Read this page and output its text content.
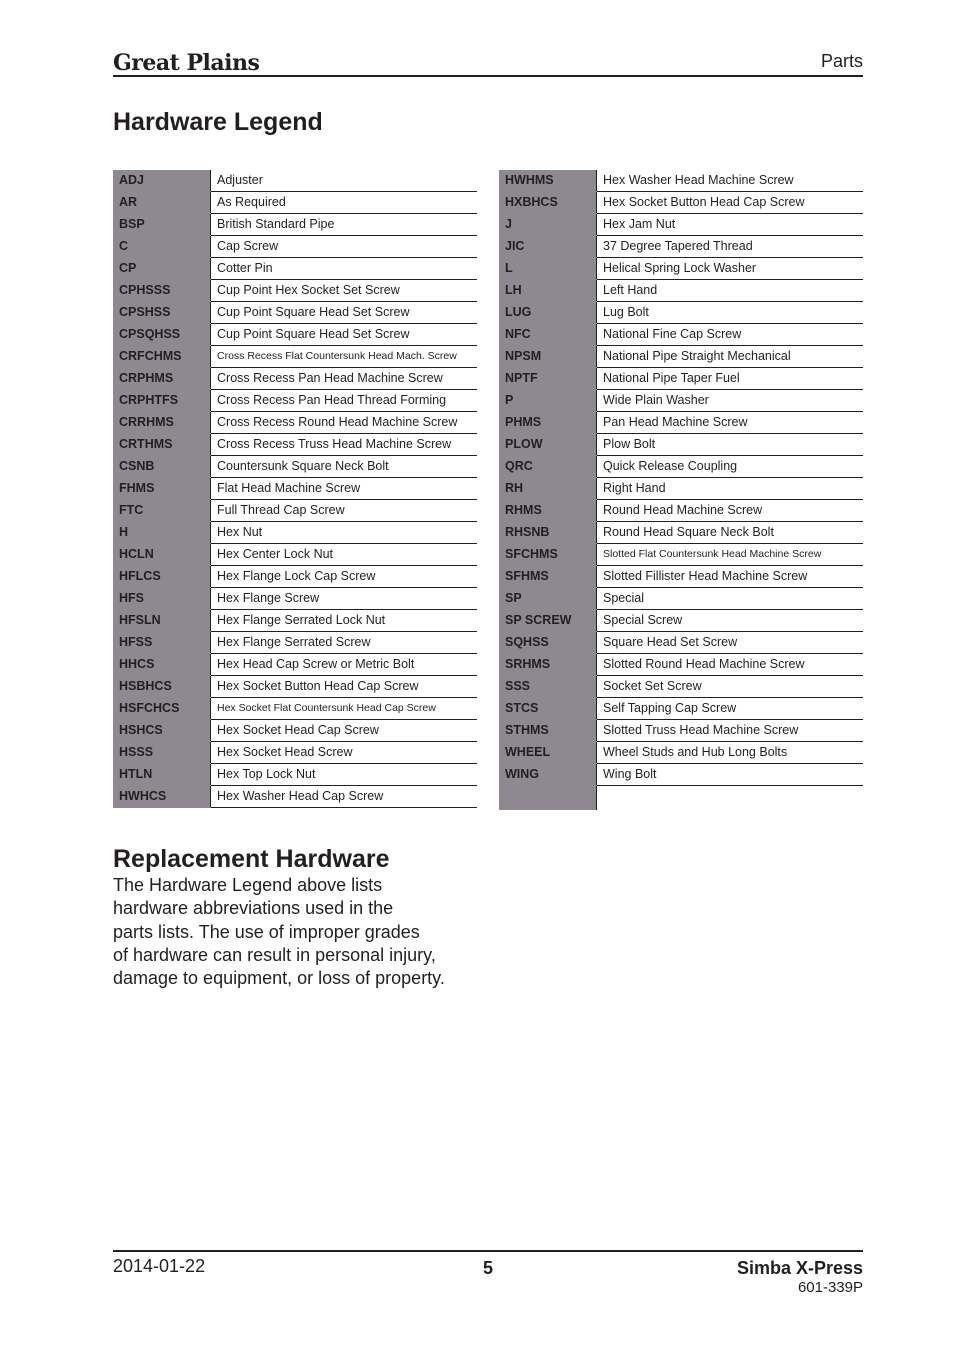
Great Plains	Parts
Hardware Legend
ADJ	Adjuster
AR	As Required
BSP	British Standard Pipe
C	Cap Screw
CP	Cotter Pin
CPHSSS	Cup Point Hex Socket Set Screw
CPSHSS	Cup Point Square Head Set Screw
CPSQHSS	Cup Point Square Head Set Screw
CRFCHMS	Cross Recess Flat Countersunk Head Mach. Screw
CRPHMS	Cross Recess Pan Head Machine Screw
CRPHTFS	Cross Recess Pan Head Thread Forming
CRRHMS	Cross Recess Round Head Machine Screw
CRTHMS	Cross Recess Truss Head Machine Screw
CSNB	Countersunk Square Neck Bolt
FHMS	Flat Head Machine Screw
FTC	Full Thread Cap Screw
H	Hex Nut
HCLN	Hex Center Lock Nut
HFLCS	Hex Flange Lock Cap Screw
HFS	Hex Flange Screw
HFSLN	Hex Flange Serrated Lock Nut
HFSS	Hex Flange Serrated Screw
HHCS	Hex Head Cap Screw or Metric Bolt
HSBHCS	Hex Socket Button Head Cap Screw
HSFCHCS	Hex Socket Flat Countersunk Head Cap Screw
HSHCS	Hex Socket Head Cap Screw
HSSS	Hex Socket Head Screw
HTLN	Hex Top Lock Nut
HWHCS	Hex Washer Head Cap Screw
HWHMS	Hex Washer Head Machine Screw
HXBHCS	Hex Socket Button Head Cap Screw
J	Hex Jam Nut
JIC	37 Degree Tapered Thread
L	Helical Spring Lock Washer
LH	Left Hand
LUG	Lug Bolt
NFC	National Fine Cap Screw
NPSM	National Pipe Straight Mechanical
NPTF	National Pipe Taper Fuel
P	Wide Plain Washer
PHMS	Pan Head Machine Screw
PLOW	Plow Bolt
QRC	Quick Release Coupling
RH	Right Hand
RHMS	Round Head Machine Screw
RHSNB	Round Head Square Neck Bolt
SFCHMS	Slotted Flat Countersunk Head Machine Screw
SFHMS	Slotted Fillister Head Machine Screw
SP	Special
SP SCREW	Special Screw
SQHSS	Square Head Set Screw
SRHMS	Slotted Round Head Machine Screw
SSS	Socket Set Screw
STCS	Self Tapping Cap Screw
STHMS	Slotted Truss Head Machine Screw
WHEEL	Wheel Studs and Hub Long Bolts
WING	Wing Bolt

Replacement Hardware
The Hardware Legend above lists
hardware abbreviations used in the
parts lists. The use of improper grades
of hardware can result in personal injury,
damage to equipment, or loss of property.
2014-01-22	5	Simba X-Press
601-339P
